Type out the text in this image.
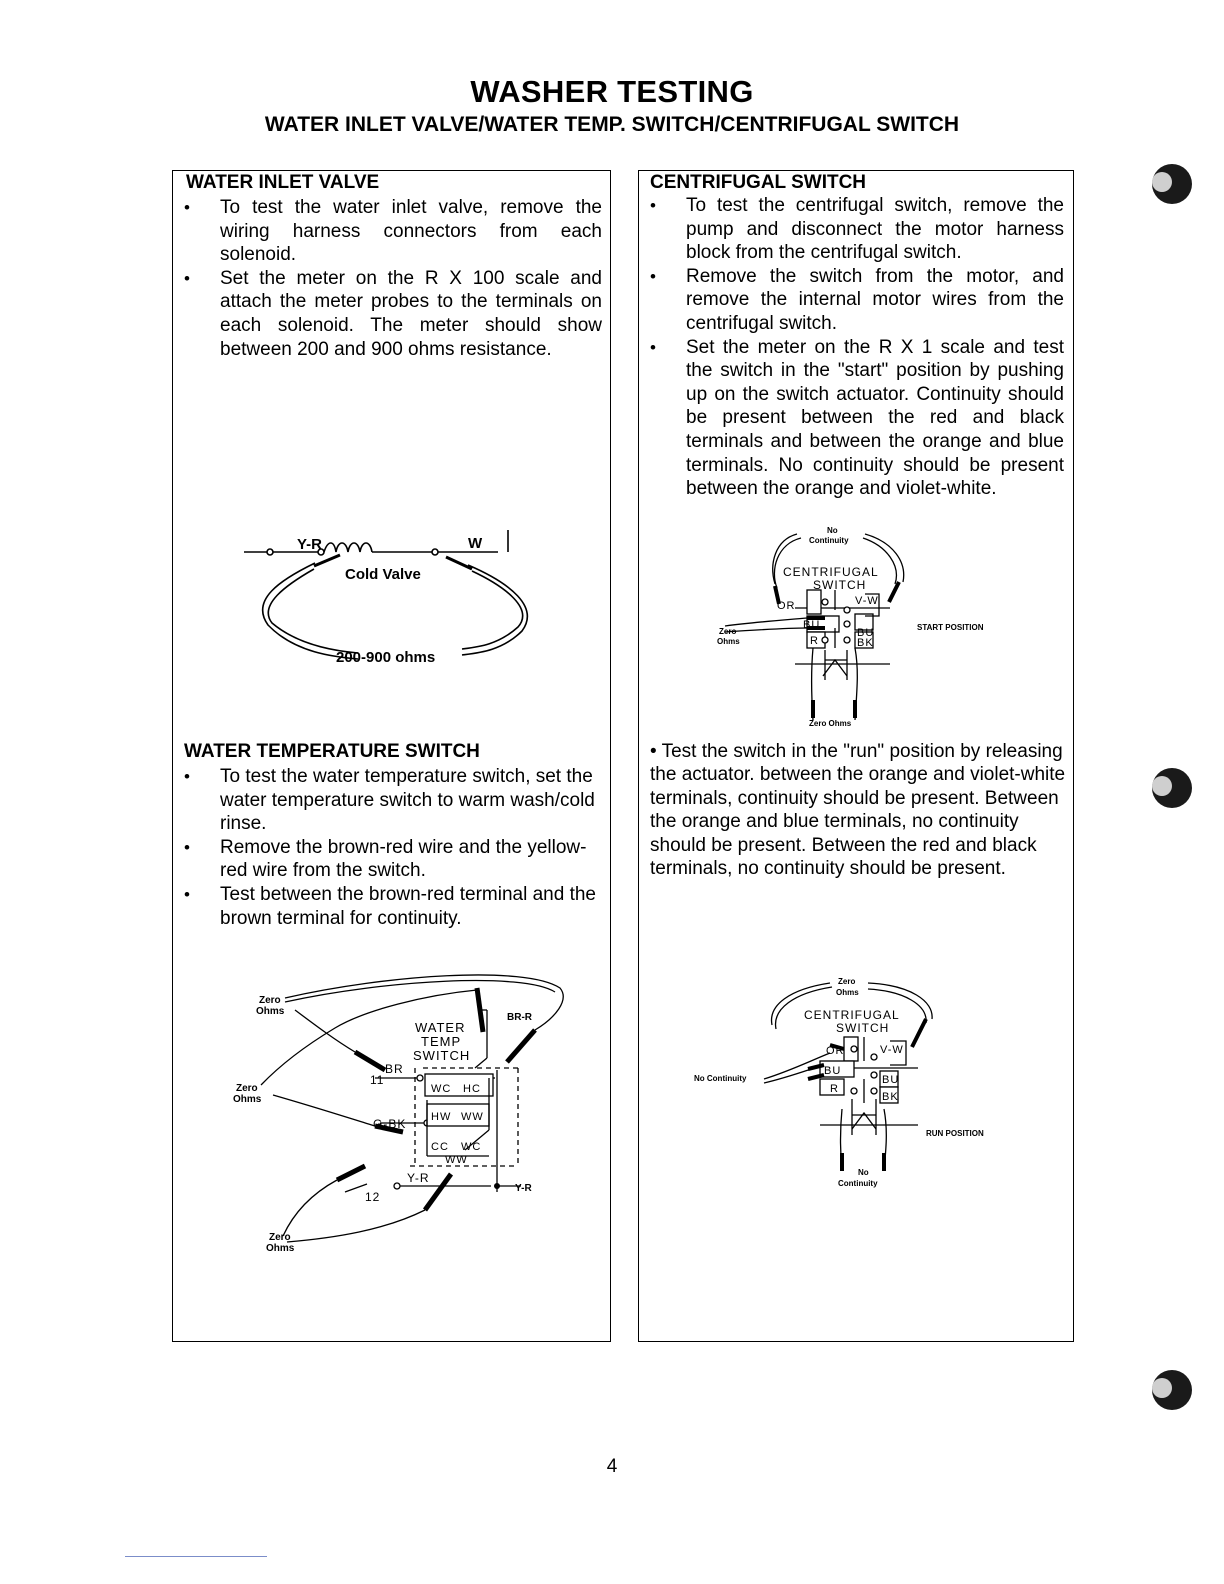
WASHER TESTING
WATER INLET VALVE/WATER TEMP. SWITCH/CENTRIFUGAL SWITCH
WATER INLET VALVE
• To test the water inlet valve, remove the wiring harness connectors from each solenoid.
• Set the meter on the R X 100 scale and attach the meter probes to the terminals on each solenoid. The meter should show between 200 and 900 ohms resistance.
Y-R	W
Cold Valve
200-900 ohms
WATER TEMPERATURE SWITCH
• To test the water temperature switch, set the water temperature switch to warm wash/cold rinse.
• Remove the brown-red wire and the yellow-red wire from the switch.
• Test between the brown-red terminal and the brown terminal for continuity.
WATER
TEMP
SWITCH
BR
11
WC HC
G-BK HW WW
CC WC
WW
Y-R
12
BR-R
Y-R
Zero
Ohms
Zero
Ohms
Zero
Ohms
CENTRIFUGAL SWITCH
• To test the centrifugal switch, remove the pump and disconnect the motor harness block from the centrifugal switch.
• Remove the switch from the motor, and remove the internal motor wires from the centrifugal switch.
• Set the meter on the R X 1 scale and test the switch in the "start" position by pushing up on the switch actuator. Continuity should be present between the red and black terminals and between the orange and blue terminals. No continuity should be present between the orange and violet-white.
CENTRIFUGAL
SWITCH
OR	V-W
BU
BU
R	BK
No
Continuity
Zero
Ohms
Zero Ohms
START POSITION

• Test the switch in the "run" position by releasing the actuator. between the orange and violet-white terminals, continuity should be present. Between the orange and blue terminals, no continuity should be present. Between the red and black terminals, no continuity should be present.

CENTRIFUGAL
SWITCH
OR	V-W
BU
BU
R
BK
Zero
Ohms
No Continuity
No
Continuity
RUN POSITION
4
